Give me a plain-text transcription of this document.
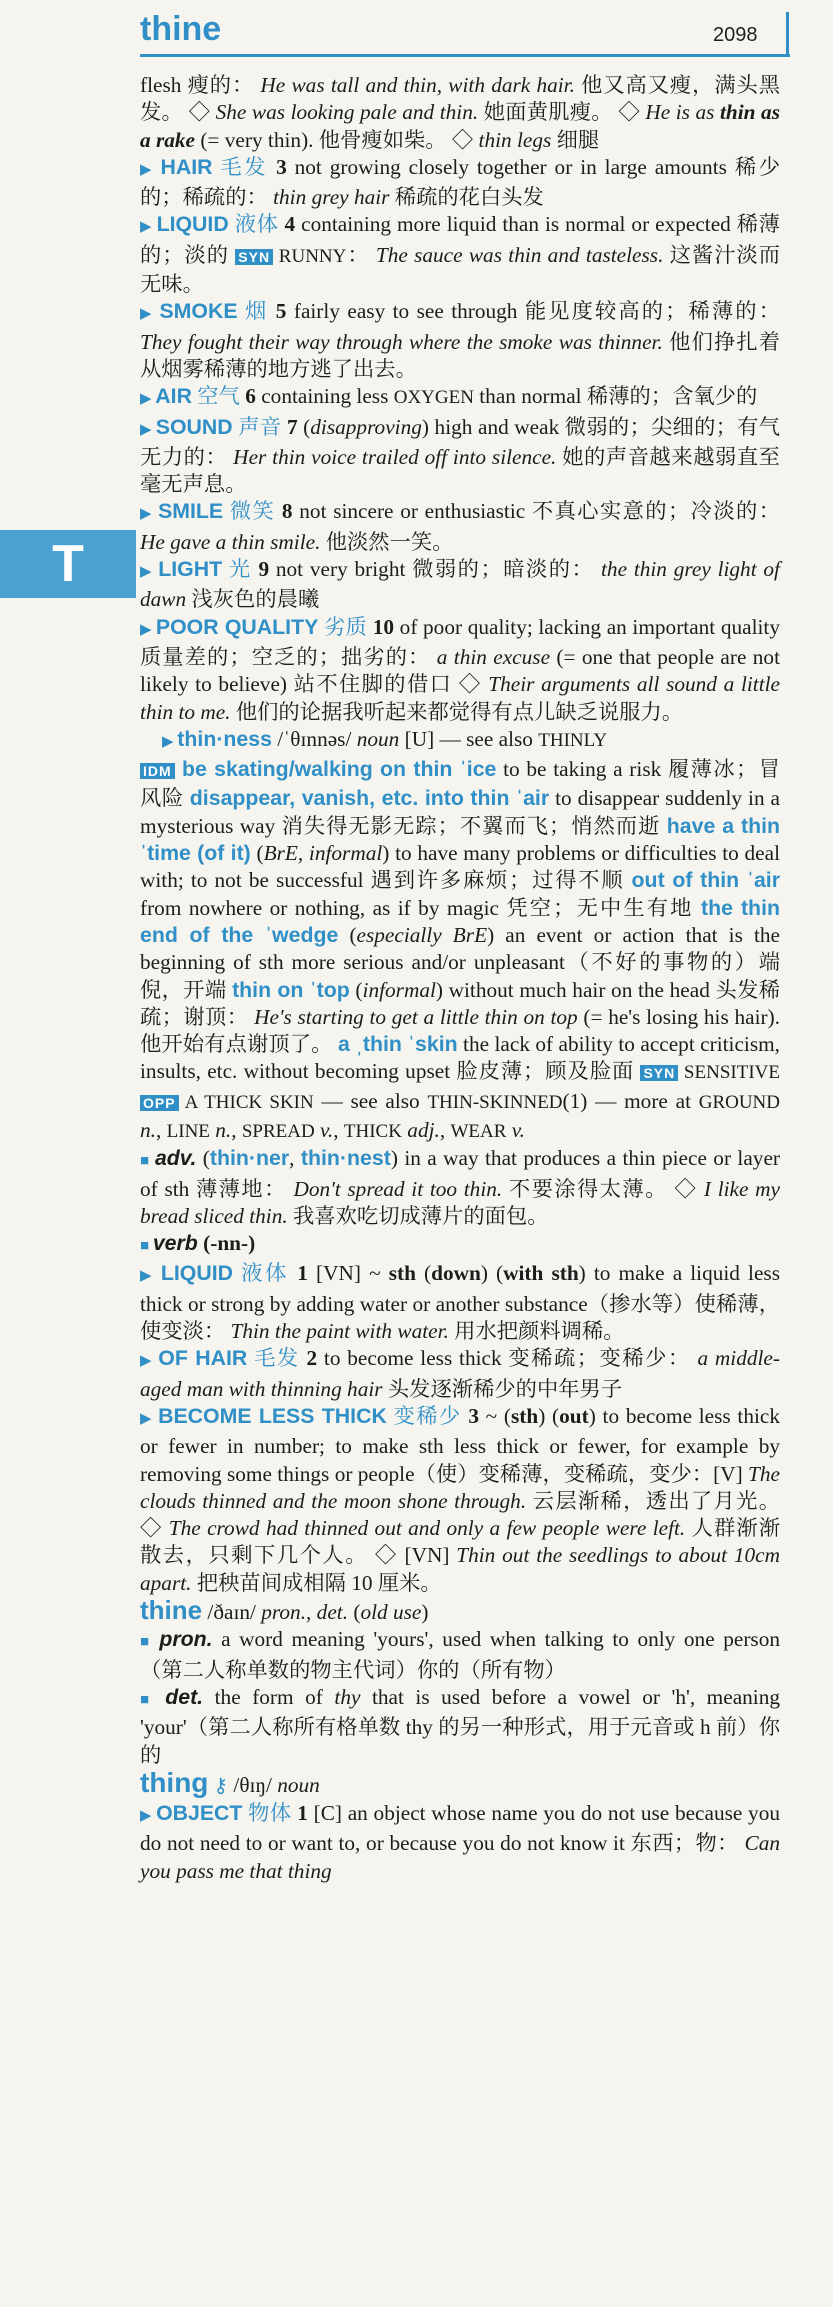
thine	2098
T

flesh 瘦的： He was tall and thin, with dark hair. 他又高又瘦，满头黑发。 ◇ She was looking pale and thin. 她面黄肌瘦。 ◇ He is as thin as a rake (= very thin). 他骨瘦如柴。 ◇ thin legs 细腿

▶ HAIR 毛发 3 not growing closely together or in large amounts 稀少的；稀疏的： thin grey hair 稀疏的花白头发

▶ LIQUID 液体 4 containing more liquid than is normal or expected 稀薄的；淡的 SYN RUNNY： The sauce was thin and tasteless. 这酱汁淡而无味。

▶ SMOKE 烟 5 fairly easy to see through 能见度较高的；稀薄的： They fought their way through where the smoke was thinner. 他们挣扎着从烟雾稀薄的地方逃了出去。

▶ AIR 空气 6 containing less OXYGEN than normal 稀薄的；含氧少的

▶ SOUND 声音 7 (disapproving) high and weak 微弱的；尖细的；有气无力的： Her thin voice trailed off into silence. 她的声音越来越弱直至毫无声息。

▶ SMILE 微笑 8 not sincere or enthusiastic 不真心实意的；冷淡的： He gave a thin smile. 他淡然一笑。

▶ LIGHT 光 9 not very bright 微弱的；暗淡的： the thin grey light of dawn 浅灰色的晨曦

▶ POOR QUALITY 劣质 10 of poor quality; lacking an important quality 质量差的；空乏的；拙劣的： a thin excuse (= one that people are not likely to believe) 站不住脚的借口 ◇ Their arguments all sound a little thin to me. 他们的论据我听起来都觉得有点儿缺乏说服力。

▶ thin·ness /ˈθɪnnəs/ noun [U] — see also THINLY

IDM be skating/walking on thin ˈice to be taking a risk 履薄冰；冒风险 disappear, vanish, etc. into thin ˈair to disappear suddenly in a mysterious way 消失得无影无踪；不翼而飞；悄然而逝 have a thin ˈtime (of it) (BrE, informal) to have many problems or difficulties to deal with; to not be successful 遇到许多麻烦；过得不顺 out of thin ˈair from nowhere or nothing, as if by magic 凭空；无中生有地 the thin end of the ˈwedge (especially BrE) an event or action that is the beginning of sth more serious and/or unpleasant（不好的事物的）端倪，开端 thin on ˈtop (informal) without much hair on the head 头发稀疏；谢顶： He's starting to get a little thin on top (= he's losing his hair). 他开始有点谢顶了。 a ˌthin ˈskin the lack of ability to accept criticism, insults, etc. without becoming upset 脸皮薄；顾及脸面 SYN SENSITIVE OPP A THICK SKIN — see also THIN-SKINNED(1) — more at GROUND n., LINE n., SPREAD v., THICK adj., WEAR v.

■ adv. (thin·ner, thin·nest) in a way that produces a thin piece or layer of sth 薄薄地： Don't spread it too thin. 不要涂得太薄。 ◇ I like my bread sliced thin. 我喜欢吃切成薄片的面包。

■ verb (-nn-)

▶ LIQUID 液体 1 [VN] ~ sth (down) (with sth) to make a liquid less thick or strong by adding water or another substance（掺水等）使稀薄，使变淡： Thin the paint with water. 用水把颜料调稀。

▶ OF HAIR 毛发 2 to become less thick 变稀疏；变稀少： a middle-aged man with thinning hair 头发逐渐稀少的中年男子

▶ BECOME LESS THICK 变稀少 3 ~ (sth) (out) to become less thick or fewer in number; to make sth less thick or fewer, for example by removing some things or people（使）变稀薄，变稀疏，变少：[V] The clouds thinned and the moon shone through. 云层渐稀，透出了月光。 ◇ The crowd had thinned out and only a few people were left. 人群渐渐散去，只剩下几个人。 ◇ [VN] Thin out the seedlings to about 10cm apart. 把秧苗间成相隔 10 厘米。

thine /ðaɪn/ pron., det. (old use)

■ pron. a word meaning 'yours', used when talking to only one person（第二人称单数的物主代词）你的（所有物）

■ det. the form of thy that is used before a vowel or 'h', meaning 'your'（第二人称所有格单数 thy 的另一种形式，用于元音或 h 前）你的

thing ⚷ /θɪŋ/ noun

▶ OBJECT 物体 1 [C] an object whose name you do not use because you do not need to or want to, or because you do not know it 东西；物： Can you pass me that thing
